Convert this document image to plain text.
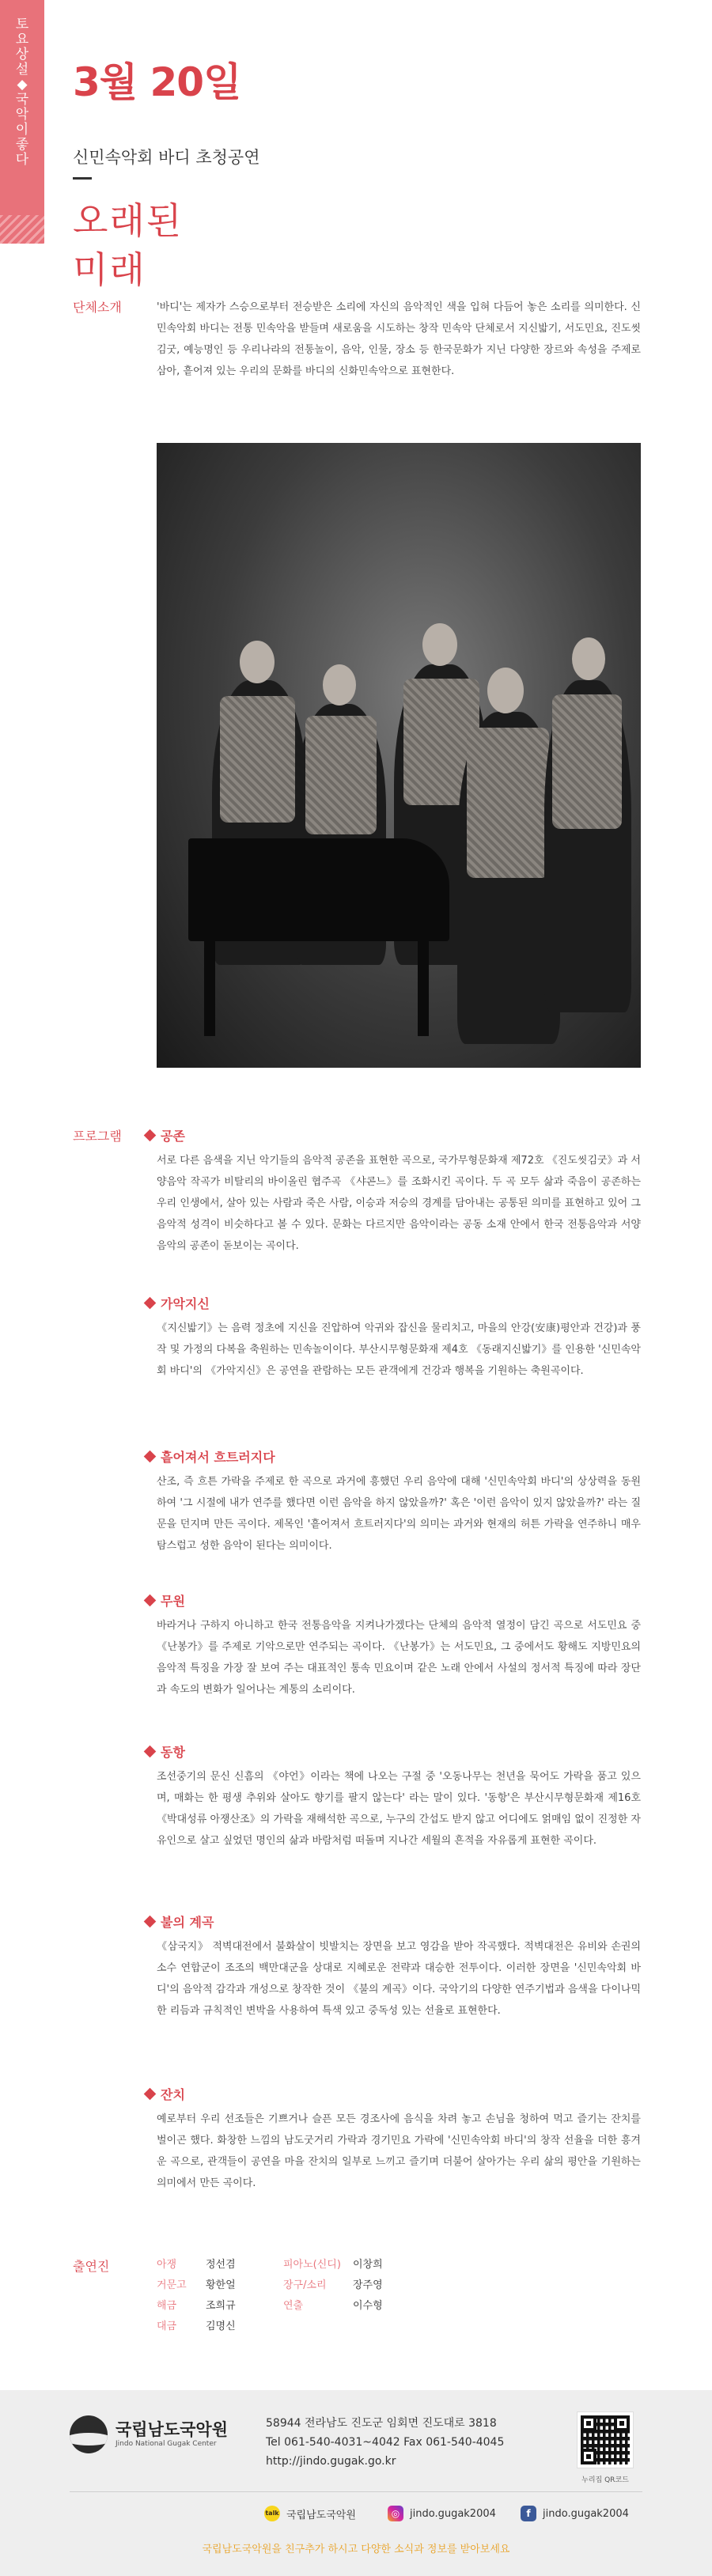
토요상설 ◆ 국악이 좋다
3월 20일
신민속악회 바디 초청공연
오래된
미래
단체소개	'바디'는 제자가 스승으로부터 전승받은 소리에 자신의 음악적인 색을 입혀 다듬어 놓은 소리를 의미한다. 신민속악회 바디는 전통 민속악을 받들며 새로움을 시도하는 창작 민속악 단체로서 지신밟기, 서도민요, 진도씻김굿, 예능명인 등 우리나라의 전통놀이, 음악, 인물, 장소 등 한국문화가 지닌 다양한 장르와 속성을 주제로 삼아, 흩어져 있는 우리의 문화를 바디의 신화민속악으로 표현한다.

프로그램	공존

서로 다른 음색을 지닌 악기들의 음악적 공존을 표현한 곡으로, 국가무형문화재 제72호 《진도씻김굿》과 서양음악 작곡가 비탈리의 바이올린 협주곡 《샤콘느》를 조화시킨 곡이다. 두 곡 모두 삶과 죽음이 공존하는 우리 인생에서, 살아 있는 사람과 죽은 사람, 이승과 저승의 경계를 담아내는 공통된 의미를 표현하고 있어 그 음악적 성격이 비슷하다고 볼 수 있다. 문화는 다르지만 음악이라는 공동 소재 안에서 한국 전통음악과 서양음악의 공존이 돋보이는 곡이다.

가악지신

《지신밟기》는 음력 정초에 지신을 진압하여 악귀와 잡신을 물리치고, 마을의 안강(安康)평안과 건강)과 풍작 및 가정의 다복을 축원하는 민속놀이이다. 부산시무형문화재 제4호 《동래지신밟기》를 인용한 '신민속악회 바디'의 《가악지신》은 공연을 관람하는 모든 관객에게 건강과 행복을 기원하는 축원곡이다.

흩어져서 흐트러지다

산조, 즉 흐튼 가락을 주제로 한 곡으로 과거에 흥했던 우리 음악에 대해 '신민속악회 바디'의 상상력을 동원하여 '그 시절에 내가 연주를 했다면 이런 음악을 하지 않았을까?' 혹은 '이런 음악이 있지 않았을까?' 라는 질문을 던지며 만든 곡이다. 제목인 '흩어져서 흐트러지다'의 의미는 과거와 현재의 허튼 가락을 연주하니 매우 탐스럽고 성한 음악이 된다는 의미이다.

무원

바라거나 구하지 아니하고 한국 전통음악을 지켜나가겠다는 단체의 음악적 열정이 담긴 곡으로 서도민요 중 《난봉가》를 주제로 기악으로만 연주되는 곡이다. 《난봉가》는 서도민요, 그 중에서도 황해도 지방민요의 음악적 특징을 가장 잘 보여 주는 대표적인 통속 민요이며 같은 노래 안에서 사설의 정서적 특징에 따라 장단과 속도의 변화가 일어나는 계통의 소리이다.

동항

조선중기의 문신 신흠의 《야언》이라는 책에 나오는 구절 중 '오동나무는 천년을 묵어도 가락을 품고 있으며, 매화는 한 평생 추위와 살아도 향기를 팔지 않는다' 라는 말이 있다. '동항'은 부산시무형문화재 제16호 《박대성류 아쟁산조》의 가락을 재해석한 곡으로, 누구의 간섭도 받지 않고 어디에도 얽매임 없이 진정한 자유인으로 살고 싶었던 명인의 삶과 바람처럼 떠돌며 지나간 세월의 흔적을 자유롭게 표현한 곡이다.

불의 계곡

《삼국지》 적벽대전에서 불화살이 빗발치는 장면을 보고 영감을 받아 작곡했다. 적벽대전은 유비와 손권의 소수 연합군이 조조의 백만대군을 상대로 지혜로운 전략과 대승한 전투이다. 이러한 장면을 '신민속악회 바디'의 음악적 감각과 개성으로 창작한 것이 《불의 계곡》이다. 국악기의 다양한 연주기법과 음색을 다이나믹한 리듬과 규칙적인 변박을 사용하여 특색 있고 중독성 있는 선율로 표현한다.

잔치

예로부터 우리 선조들은 기쁘거나 슬픈 모든 경조사에 음식을 차려 놓고 손님을 청하여 먹고 즐기는 잔치를 벌이곤 했다. 화창한 느낌의 남도굿거리 가락과 경기민요 가락에 '신민속악회 바디'의 창작 선율을 더한 흥겨운 곡으로, 관객들이 공연을 마을 잔치의 일부로 느끼고 즐기며 더불어 살아가는 우리 삶의 평안을 기원하는 의미에서 만든 곡이다.

출연진	아쟁	정선겸
거문고	황한얼
해금	조희규
대금	김명신
피아노(신디)	이창희
장구/소리	장주영
연출	이수형
국립남도국악원
Jindo National Gugak Center
58944 전라남도 진도군 임회면 진도대로 3818
Tel 061-540-4031~4042 Fax 061-540-4045
http://jindo.gugak.go.kr
누리집 QR코드
talk 국립남도국악원	◎ jindo.gugak2004	f	jindo.gugak2004
국립남도국악원을 친구추가 하시고 다양한 소식과 정보를 받아보세요
